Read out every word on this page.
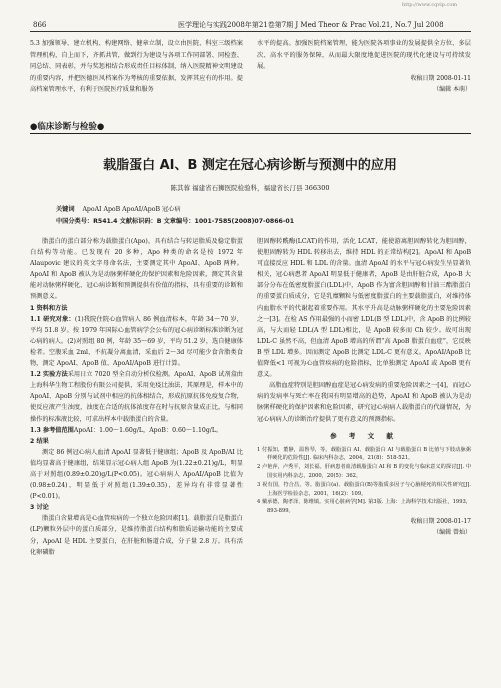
http://www.cqvip.com
866	医学理论与实践2008年第21卷第7期 J Med Theor & Prac Vol.21, No.7 Jul 2008

5.3 加强领导、建立机构、构建网络、健章立制，设立由医院、科室三级档案管理机构，自上而下，齐抓共管，做到行为建设与各项工作同部署、同检查、同总结、同表彰，并与奖惩相结合形成责任目标体制，纳入医院精神文明建设的重要内容，并把医德医风档案作为考核的重要依据，发挥其应有的作用。提高档案管理水平，有利于医院医疗质量和服务

水平的提高。加强医院档案管理，能为医院各项事业的发展提供全方位、多层次、高水平的服务保障，从而最大限度地促进医院的现代化建设与可持续发展。

收稿日期 2008-01-11
（编辑 本萌）
●临床诊断与检验●
载脂蛋白 AI、B 测定在冠心病诊断与预测中的应用
陈其蓉 福建省石狮医院检验科，福建省长汀县 366300
关键词 ApoAI ApoB ApoAI/ApoB 冠心病
中国分类号：R541.4 文献标识码：B 文章编号：1001-7585(2008)07-0866-01

脂蛋白的蛋白部分称为载脂蛋白(Apo)，具有结合与转运脂质及稳定脂蛋白结构等功能。已发现有 20 多种，Apo 种类的命名是按 1972 年 Alaupovic 建议的英文字母命名法，主要测定其中 ApoAI、ApoB 两种。ApoAI 和 ApoB 被认为是动脉粥样硬化的保护因素和危险因素，测定其含量能对动脉粥样硬化、冠心病诊断和预测提供有价值的指标，具有重要的诊断和预测意义。

1 资料和方法

1.1 研究对象：(1)我院住院心血管病人 86 例血清标本，年龄 34～70 岁，平均 51.8 岁。按 1979 年国际心血管病学会公布的冠心病诊断标准诊断为冠心病的病人。(2)对照组 80 例，年龄 35～69 岁，平均 51.2 岁，选自健康体检者。空腹采血 2ml，不抗凝分离血清，采血后 2～3d 尽可能少食含脂类食物，测定 ApoAI、ApoB 值、ApoAI/ApoB 进行计算。

1.2 实验方法采用日立 7020 型全自动分析仪检测。ApoAI、ApoB 试剂盒由上海科华生物工程股份有限公司提供，采用免疫比浊法，其原理是，样本中的 ApoAI、ApoB 分别与试剂中相应的抗体相结合，形成抗原抗体免疫复合物，使反应液产生浊度，浊度在合适的抗体浓度存在时与抗原含量成正比，与相同操作的标准液比较，可求出样本中载脂蛋白的含量。

1.3 参考值范围ApoAI：1.00～1.60g/L，ApoB：0.60～1.10g/L。

2 结果

测定 86 例冠心病人血清 ApoAI 显著低于健康组；ApoB 及 ApoB/AI 比值均显著高于健康组，结果显示冠心病人组 ApoB 为(1.22±0.21)g/L，明显高于对照组(0.89±0.20)g/L(P<0.05)。冠心病病人 ApoAI/ApoB 比值为(0.98±0.24)，明显低于对照组(1.39±0.35)，差异均有非常显著性(P<0.01)。

3 讨论

脂蛋白含量增高是心血管疾病的一个独立危险因素[1]。载脂蛋白是脂蛋白(LP)颗粒外层中的蛋白质部分，是维持脂蛋白结构和脂质运输功能的主要成分，ApoAI 是 HDL 主要蛋白，在肝脏和肠道合成，分子量 2.8 万。具有活化卵磷脂

胆固醇转酰酶(LCAT)的作用，活化 LCAT，能使游离胆固醇转化为胆固醇，使胆固醇转为 HDL 转移出去，维持 HDL 的正常结构[2]。ApoAI 和 ApoB 可直接反应 HDL 和 LDL 的含量。血清 ApoAI 的水平与冠心病发生呈显著负相关，冠心病患者 ApoAI 明显低于健康者，ApoB 是由肝脏合成，Apo-B 大部分分布在低密度脂蛋白(LDL)中，ApoB 作为富含胆固醇和甘油三酯脂蛋白的重要蛋白质成分，它是乳糜颗粒与低密度脂蛋白的主要载脂蛋白，对维持体内血脂水平的代谢起着重要作用。其水平升高是动脉粥样硬化的主要危险因素之一[3]。在检 AS 作用最强的小而密 LDL(B 型 LDL)中，含 ApoB 的比例较高，与大而轻 LDL(A 型 LDL)相比，是 ApoB 较多而 Ch 较少。故可出现 LDL-C 虽然不高，但血清 ApoB 增高的所谓“高 ApoB 脂蛋白血症”，它反映 B 型 LDL 增多。因而测定 ApoB 比测定 LDL-C 更有意义。ApoAI/ApoB 比值降低<1 可视为心血管疾病的危险指标，比单独测定 ApoAI 或 ApoB 更有意义。

高脂血症特别是胆固醇血症是冠心病发病的重要危险因素之一[4]，而冠心病的发病率与死亡率在我国有明显增高的趋势，ApoAI 和 ApoB 被认为是动脉粥样硬化的保护因素和危险因素，研究冠心病病人载脂蛋白的代谢情况，为冠心病病人的诊断治疗提供了更有意义的预测指标。

参 考 文 献
1 付振知，董静，温鲁琴，等。载脂蛋白 AI、载脂蛋白 AI 与载脂蛋白 B 比值与下肢动脉粥样硬化的危险性[J]. 临床内科杂志，2004，21(8)：518-521。
2 卢艳萍，卢秀平，刘长福。肝病患者血清载脂蛋白 AI 和 B 的变化与临床意义的探讨[J]. 中国实用内科杂志，2000，20(5)：362。
3 祝有国，符合昌，等。脂蛋白(a)、载脂蛋白(B)等脂质多因子与心脑梗死的相关性研究[J]. 上海医学检验杂志，2001，16(2)：109。
4 戴承德，陶孝泽，陈维镇。实用心脏病学[M]. 第3版. 上海：上海科学技术出版社，1993，893-899。
收稿日期 2008-01-17
（编辑 曾灿）
